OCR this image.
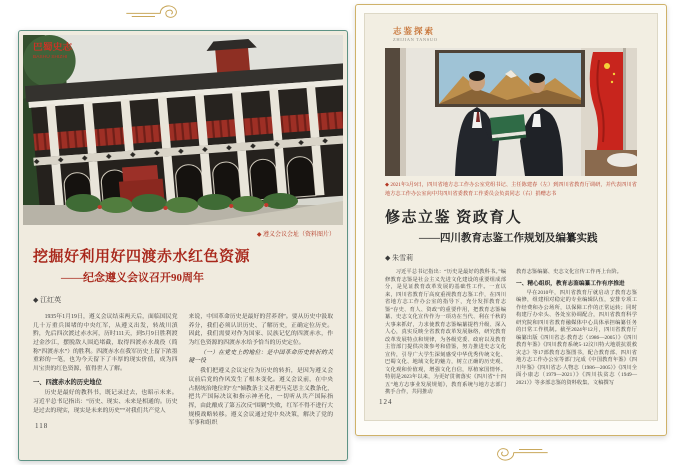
巴蜀史志
BASHU SHIZHI
◆ 遵义会议会址（资料图片）
挖掘好利用好四渡赤水红色资源
——纪念遵义会议召开90周年
◆ 江红英

1935年1月19日，遵义会议结束两天后，面临国民党几十万重兵围堵的中央红军，从遵义出发，转战川滇黔，先后四次渡过赤水河，历时111天，到5月9日胜利渡过金沙江，摆脱敌人围追堵截，取得四渡赤水战役（简称“四渡赤水”）的胜利。四渡赤水在我军历史上留下浓墨重彩的一笔，也为今天留下了丰厚的现实价值，成为四川宝贵的红色资源，值得世人了解。

一、四渡赤水的历史地位

历史是最好的教科书，既记录过去，也昭示未来。习近平总书记指出：“历史、现实、未来是相通的。历史是过去的现实，现实是未来的历史”“对我们共产党人

来说，中国革命历史是最好的营养剂”。要从历史中汲取养分，我们必须认识历史、了解历史，正确定位历史。因此，我们需要对作为国家、民族记忆的四渡赤水，作为红色资源的四渡赤水给予恰当的历史定位。

（一）在党史上的地位：是中国革命历史转折的关键一役

我们把遵义会议定位为历史的转折，是因为遵义会议前后党的作风发生了根本变化。遵义会议前，在中央占据统治地位的“左”倾教条主义者把马克思主义教条化，把共产国际决议和指示神圣化，一切听从共产国际指挥，由此酿成了第五次反“围剿”失败，红军不得不进行大规模战略转移。遵义会议通过党中央决策，解决了党的军事和组织

118
志鉴探索
ZHIJIAN TANSUO
◆ 2021年3月9日，四川省地方志工作办公室党组书记、主任陈建春（左）到四川省教育厅调研，并代表四川省地方志工作办公室向中共四川省委教育工作委员会负责同志（右）捐赠志书
修志立鉴 资政育人
——四川教育志鉴工作规划及编纂实践
◆ 朱雪莉

习近平总书记指出：“历史是最好的教科书。”编修教育志鉴是社会主义先进文化建设的重要组成部分，是见证教育改革发展的基础性工作。一直以来，四川省教育厅高度重视教育志鉴工作，在四川省地方志工作办公室的指导下，充分发挥教育志鉴“存史、育人、资政”的重要作用，把教育志鉴编纂、史志文化宣传作为一项功在当代、利在千秋的大事来抓好，力求使教育志鉴编纂提档升级、深入人心，真实反映全省教育改革发展脉络，研究教育改革发展特点和规律，为各级党委、政府以及教育主管部门提供决策参考和借鉴，努力推进史志文化宣传，引导广大学生深刻感受中华优秀传统文化、巴蜀文化、地域文化的魅力，树立正确的历史观、文化观和价值观，增强文化自信，厚植家国情怀。特别是2023年以来，为更好贯彻落实《四川省“十四五”地方志事业发展规划》，教育系统与地方志部门携手合作，共同推动

教育志鉴编纂、史志文化宣传工作再上台阶。

一、精心组织，教育志鉴编纂工作有序推进

早在2010年，四川省教育厅就启动了教育志鉴编修，组建相对稳定的专业编辑队伍，安排专项工作经费和办公场所，以保障工作的正常运转；同时构建厅办牵头、各处室协调配合，四川省教育科学研究院和四川省教育融媒体中心具体承担编纂任务的日常工作机制。截至2024年12月，四川省教育厅编纂出版《四川省志·教育志（1986—2005）》《四川教育年鉴》《四川教育系统5·12汶川特大地震抗震救灾志》等17部教育志鉴图书，配合教育部、四川省地方志工作办公室等部门完成《中国教育年鉴》《四川年鉴》《四川省志·人物志（1986—2005）》《四川全面小康志（1979—2021）》《四川扶贫志（1949—2021）》等多部志鉴的资料收集、文稿撰写

124
